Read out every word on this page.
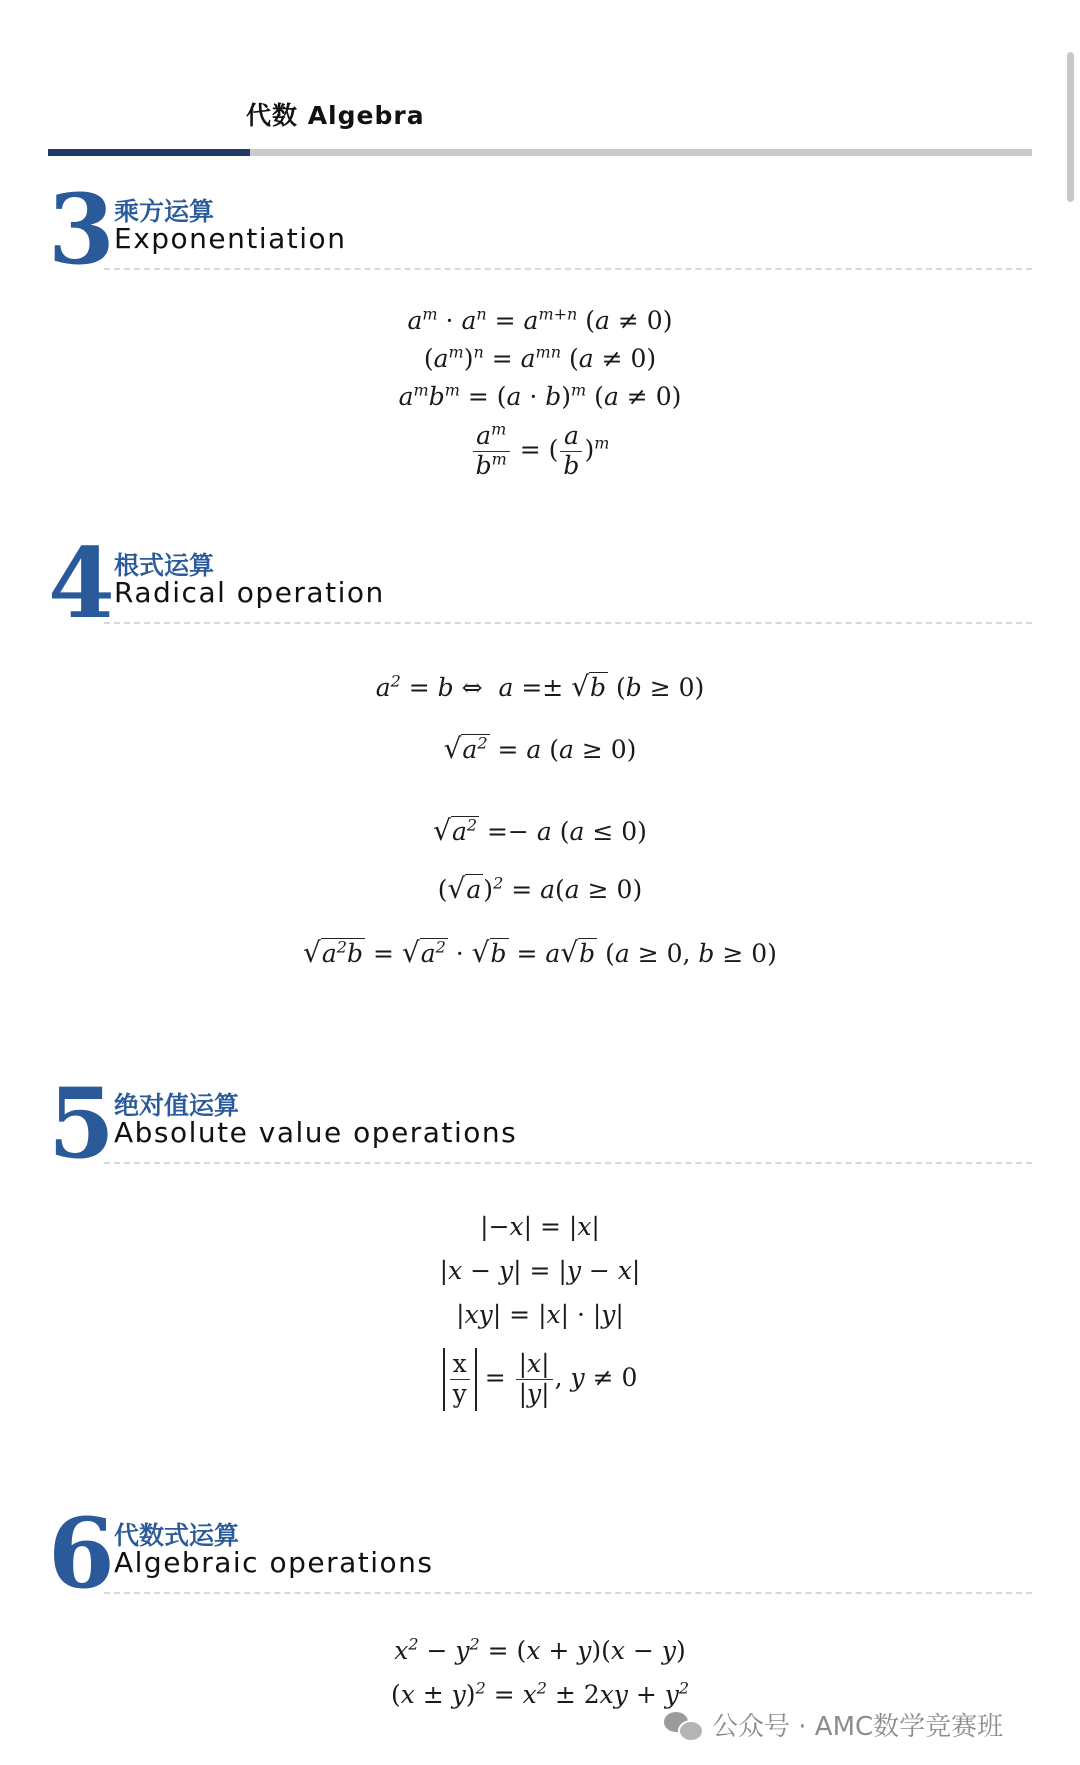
代数 Algebra
3 乘方运算
Exponentiation
$a^m \cdot a^n = a^{m+n}$ (a ≠ 0)
$(a^m)^n = a^{mn}$ (a ≠ 0)
$a^mb^m = (a \cdot b)^m$ (a ≠ 0)
$\frac{a^m}{b^m}$ = ( $\frac{a}{b} )^m$
4 根式运算
Radical operation
$a^2 = b$ ⇔  a =± √b (b ≥ 0)
$√a^2 = a$ (a ≥ 0)
$√a^2 =- a$ (a ≤ 0)
$(√a)^2 = a(a \ge 0)$
$√a^2b = √a^2 \cdot √b = a√b$ (a ≥ 0, b ≥ 0)
5 绝对值运算
Absolute value operations
|−x| = |x|
|x − y| = |y − x|
|xy| = |x| · |y|
$\frac{x}{y} = \frac{|x|}{|y|}$ , y ≠ 0
6 代数式运算
Algebraic operations
$x^2 - y^2 = (x + y)(x - y)$
$(x \pm y)^2 = x^2 \pm 2xy + y^2$
公众号 · AMC数学竞赛班
